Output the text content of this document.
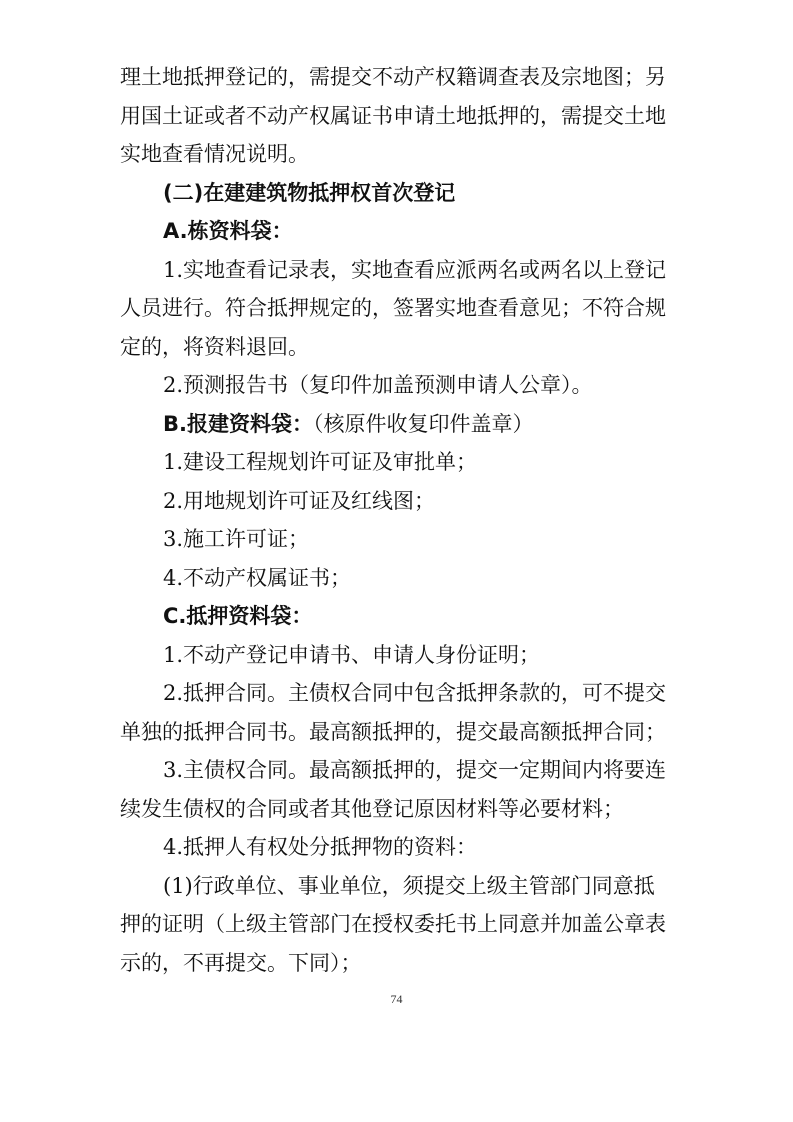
理土地抵押登记的，需提交不动产权籍调查表及宗地图；另
用国土证或者不动产权属证书申请土地抵押的，需提交土地
实地查看情况说明。
(二)在建建筑物抵押权首次登记
A.栋资料袋：
1.实地查看记录表，实地查看应派两名或两名以上登记
人员进行。符合抵押规定的，签署实地查看意见；不符合规
定的，将资料退回。
2.预测报告书（复印件加盖预测申请人公章）。
B.报建资料袋：（核原件收复印件盖章）
1.建设工程规划许可证及审批单；
2.用地规划许可证及红线图；
3.施工许可证；
4.不动产权属证书；
C.抵押资料袋：
1.不动产登记申请书、申请人身份证明；
2.抵押合同。主债权合同中包含抵押条款的，可不提交
单独的抵押合同书。最高额抵押的，提交最高额抵押合同；
3.主债权合同。最高额抵押的，提交一定期间内将要连
续发生债权的合同或者其他登记原因材料等必要材料；
4.抵押人有权处分抵押物的资料：
(1)行政单位、事业单位，须提交上级主管部门同意抵
押的证明（上级主管部门在授权委托书上同意并加盖公章表
74
示的，不再提交。下同）；
